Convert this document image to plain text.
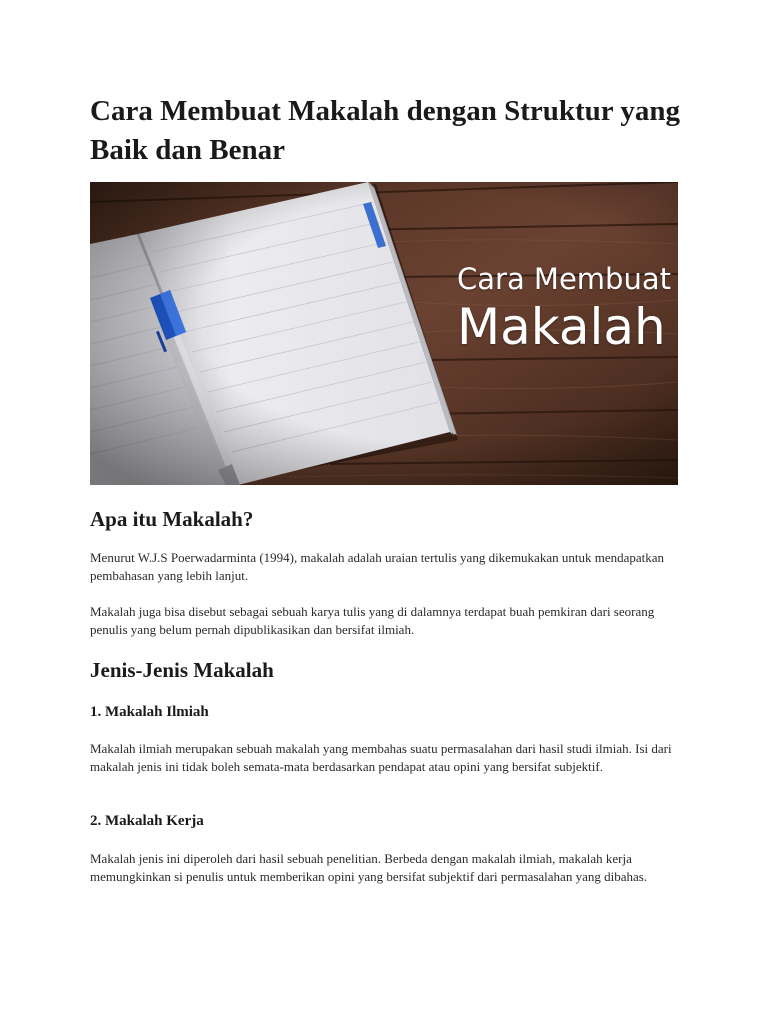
Cara Membuat Makalah dengan Struktur yang Baik dan Benar
Cara Membuat
Makalah
Apa itu Makalah?

Menurut W.J.S Poerwadarminta (1994), makalah adalah uraian tertulis yang dikemukakan untuk mendapatkan pembahasan yang lebih lanjut.

Makalah juga bisa disebut sebagai sebuah karya tulis yang di dalamnya terdapat buah pemkiran dari seorang penulis yang belum pernah dipublikasikan dan bersifat ilmiah.

Jenis-Jenis Makalah
1. Makalah Ilmiah

Makalah ilmiah merupakan sebuah makalah yang membahas suatu permasalahan dari hasil studi ilmiah. Isi dari makalah jenis ini tidak boleh semata-mata berdasarkan pendapat atau opini yang bersifat subjektif.

2. Makalah Kerja

Makalah jenis ini diperoleh dari hasil sebuah penelitian. Berbeda dengan makalah ilmiah, makalah kerja memungkinkan si penulis untuk memberikan opini yang bersifat subjektif dari permasalahan yang dibahas.
